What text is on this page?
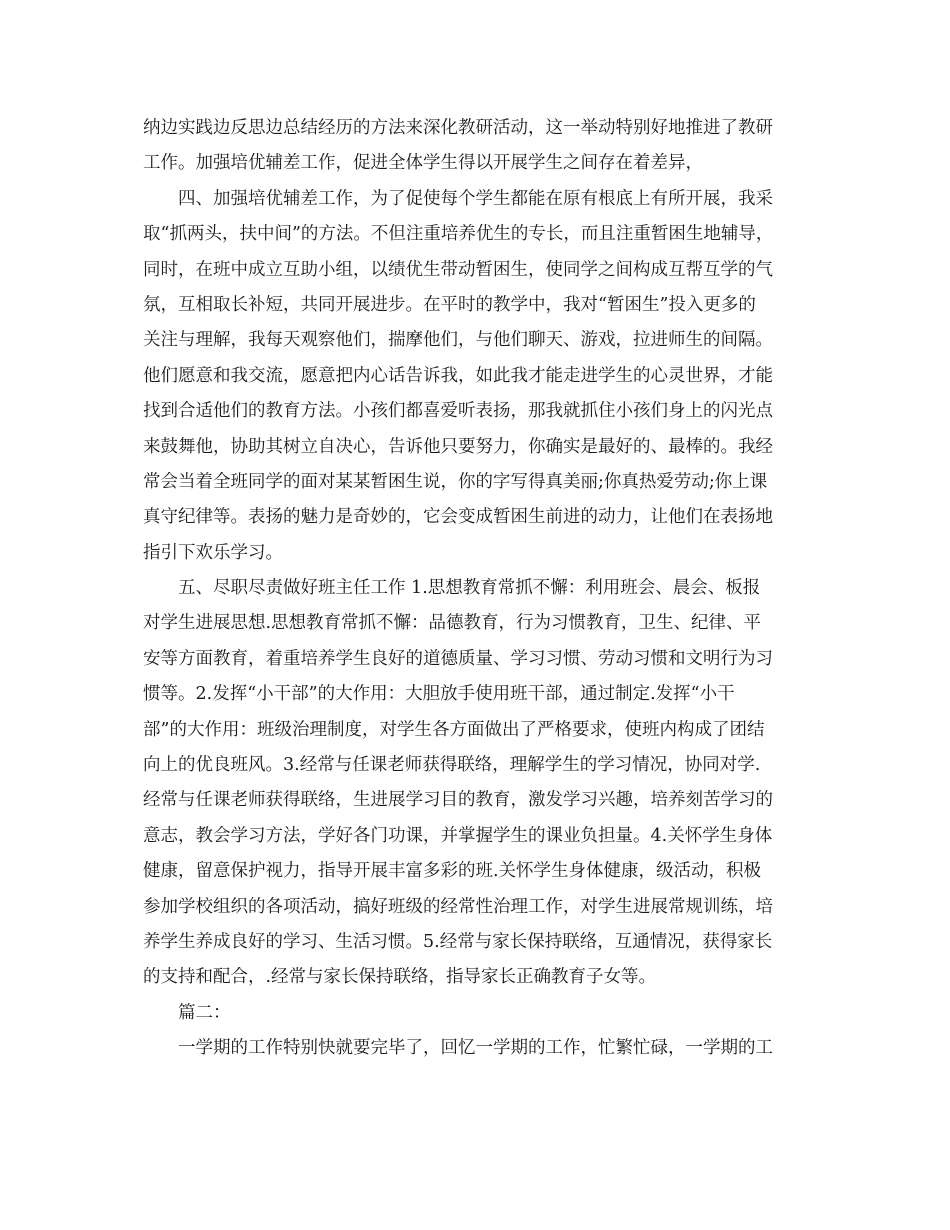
纳边实践边反思边总结经历的方法来深化教研活动，这一举动特别好地推进了教研
工作。加强培优辅差工作，促进全体学生得以开展学生之间存在着差异，
四、加强培优辅差工作，为了促使每个学生都能在原有根底上有所开展，我采
取“抓两头，扶中间”的方法。不但注重培养优生的专长，而且注重暂困生地辅导，
同时，在班中成立互助小组，以绩优生带动暂困生，使同学之间构成互帮互学的气
氛，互相取长补短，共同开展进步。在平时的教学中，我对“暂困生”投入更多的
关注与理解，我每天观察他们，揣摩他们，与他们聊天、游戏，拉进师生的间隔。
他们愿意和我交流，愿意把内心话告诉我，如此我才能走进学生的心灵世界，才能
找到合适他们的教育方法。小孩们都喜爱听表扬，那我就抓住小孩们身上的闪光点
来鼓舞他，协助其树立自决心，告诉他只要努力，你确实是最好的、最棒的。我经
常会当着全班同学的面对某某暂困生说，你的字写得真美丽;你真热爱劳动;你上课
真守纪律等。表扬的魅力是奇妙的，它会变成暂困生前进的动力，让他们在表扬地
指引下欢乐学习。
五、尽职尽责做好班主任工作 1.思想教育常抓不懈：利用班会、晨会、板报
对学生进展思想.思想教育常抓不懈：品德教育，行为习惯教育，卫生、纪律、平
安等方面教育，着重培养学生良好的道德质量、学习习惯、劳动习惯和文明行为习
惯等。2.发挥“小干部”的大作用：大胆放手使用班干部，通过制定.发挥“小干
部”的大作用：班级治理制度，对学生各方面做出了严格要求，使班内构成了团结
向上的优良班风。3.经常与任课老师获得联络，理解学生的学习情况，协同对学.
经常与任课老师获得联络，生进展学习目的教育，激发学习兴趣，培养刻苦学习的
意志，教会学习方法，学好各门功课，并掌握学生的课业负担量。4.关怀学生身体
健康，留意保护视力，指导开展丰富多彩的班.关怀学生身体健康，级活动，积极
参加学校组织的各项活动，搞好班级的经常性治理工作，对学生进展常规训练，培
养学生养成良好的学习、生活习惯。5.经常与家长保持联络，互通情况，获得家长
的支持和配合，.经常与家长保持联络，指导家长正确教育子女等。
篇二：
一学期的工作特别快就要完毕了，回忆一学期的工作，忙繁忙碌，一学期的工
